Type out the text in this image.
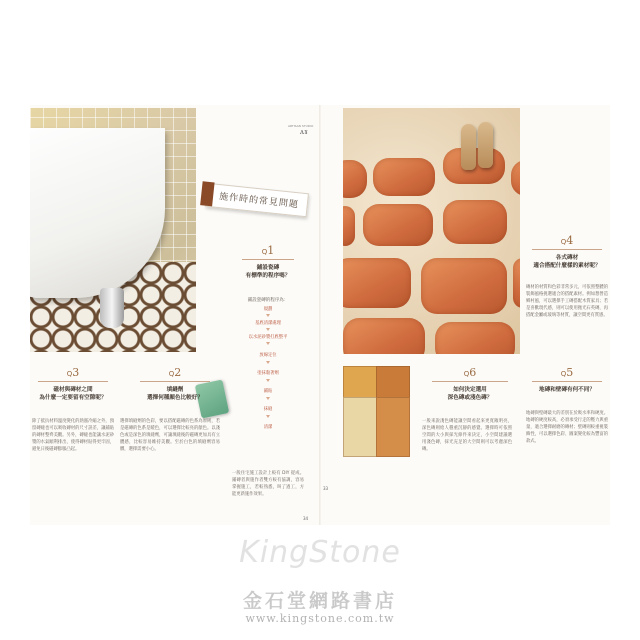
ARTISAN STUDIO
ʌɤ
施作時的常見問題
Q1
鋪設瓷磚
有標準的程序嗎？
鋪設瓷磚的程序為：
規劃
基底清潔處理
以水泥砂漿打底整平
放線定位
塗抹黏著劑
鋪貼
抹縫
清潔
一般住宅施工設計上較有 DIY 從成。鋪磚者與施作者雙方較有協調，容易掌握施工，若較熟悉，叫了過工，方能更新施作效果。
Q3
磁材與磚材之間
為什麼一定要留有空隙呢？
除了抵抗材料溫度變化的熱漲冷縮之外，預留磚縫也可以吸收磚材的尺寸誤差，讓鋪貼的磚材整齊美觀。另外，磚縫也能讓水泥砂漿的水氣順利排出，使得磚材貼得更牢固，避免日後磁磚膨脹凸起。
Q2
填縫劑
選擇何種顏色比較好？
選擇填縫劑的色彩，要以搭配磁磚的色系為原則，若是磁磚的色系是暖色，可以選擇比較亮的顏色。以淺色或是深色的填縫劑，可讓填縫後的磁磚更加具有立體感，比較容易維持美觀。至於白色的填縫劑容易髒，選擇需要小心。
Q4
各式磚材
適合搭配什麼樣的素材呢？
磚材的材質和色彩非常多元，可依照整體的裝飾風格挑選適合的搭配素材。例如想營造鄉村風，可以選擇手工磚搭配木質家具；若是喜歡現代感，則可以使用拋光石英磚，再搭配金屬或玻璃等材質，讓空間更有質感。
Q6
如何決定選用
深色磚或淺色磚？
一般來說淺色磚能讓空間看起來更寬敞明亮，深色磚則給人穩重沉靜的感覺。選擇時可依照空間的大小與採光條件來決定，小空間建議選用淺色磚，採光充足的大空間則可以考慮深色磚。
Q5
地磚和壁磚有何不同？
地磚與壁磚最大的差別在於吸水率和硬度。地磚的硬度較高，必須承受行走的壓力與重量，適合選擇耐磨的磚材；壁磚則較重視裝飾性，可以選擇色彩、圖案變化較為豐富的款式。
33
34
KingStone
金石堂網路書店
www.kingstone.com.tw
